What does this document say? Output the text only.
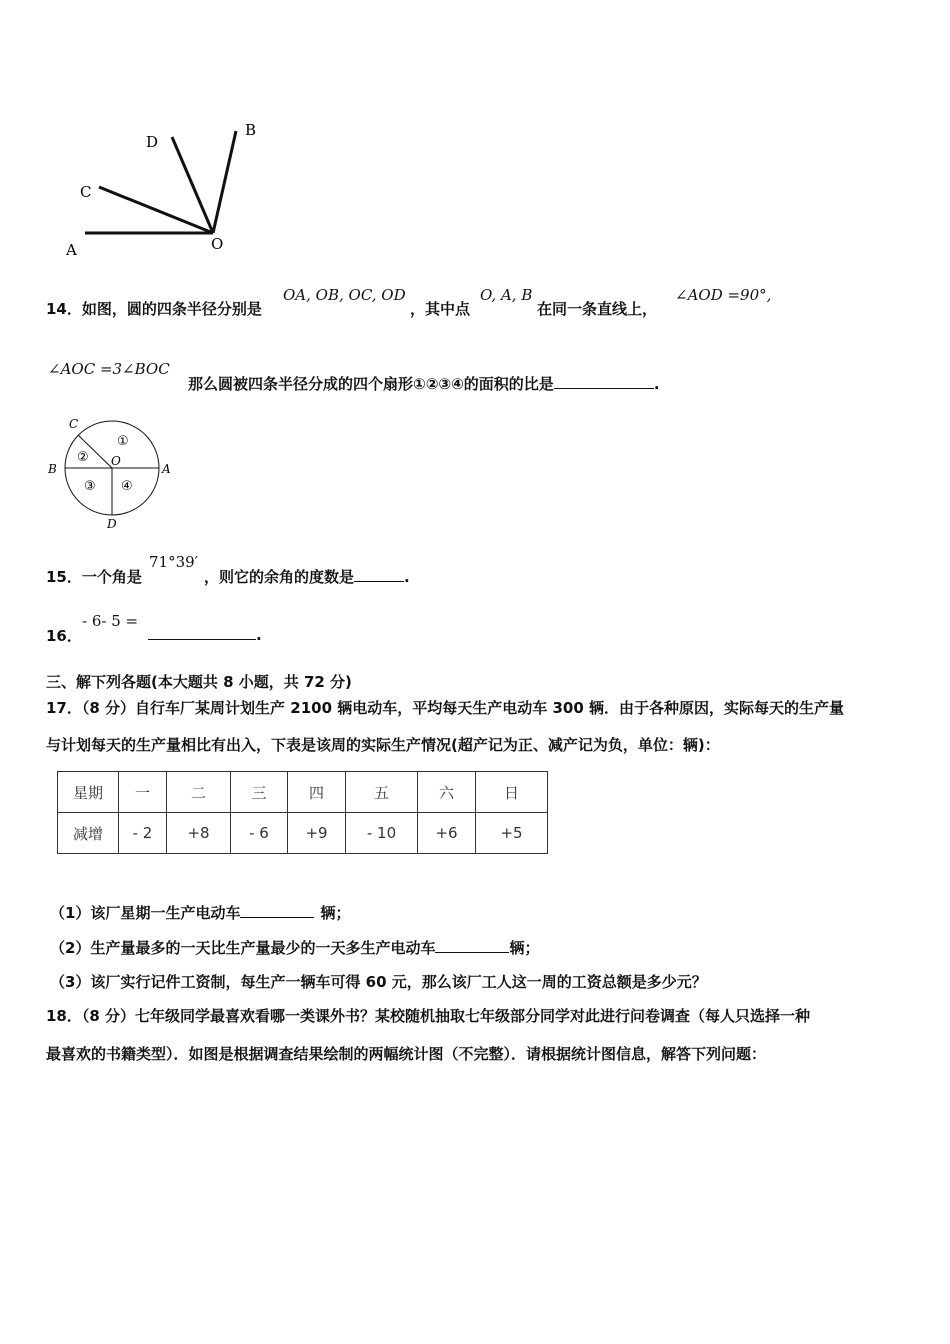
A
C
D
B
O
14．如图，圆的四条半径分别是
OA, OB, OC, OD
，其中点
O, A, B
在同一条直线上，
∠AOD =90°,
∠AOC =3∠BOC
那么圆被四条半径分成的四个扇形①②③④的面积的比是	.
C
B	A
O
D
①
②
③ ④
15．一个角是
71°39′
，则它的余角的度数是	.
16．
- 6- 5 =
.
三、解下列各题(本大题共 8 小题，共 72 分)
17．（8 分）自行车厂某周计划生产 2100 辆电动车，平均每天生产电动车 300 辆．由于各种原因，实际每天的生产量
与计划每天的生产量相比有出入，下表是该周的实际生产情况(超产记为正、减产记为负，单位：辆)：
星期	一	二	三	四	五	六	日
减增	- 2	+8	- 6	+9	- 10	+6	+5
（1）该厂星期一生产电动车	辆；
（2）生产量最多的一天比生产量最少的一天多生产电动车	辆；
（3）该厂实行记件工资制，每生产一辆车可得 60 元，那么该厂工人这一周的工资总额是多少元？
18．（8 分）七年级同学最喜欢看哪一类课外书？某校随机抽取七年级部分同学对此进行问卷调查（每人只选择一种
最喜欢的书籍类型）．如图是根据调查结果绘制的两幅统计图（不完整）．请根据统计图信息，解答下列问题：
